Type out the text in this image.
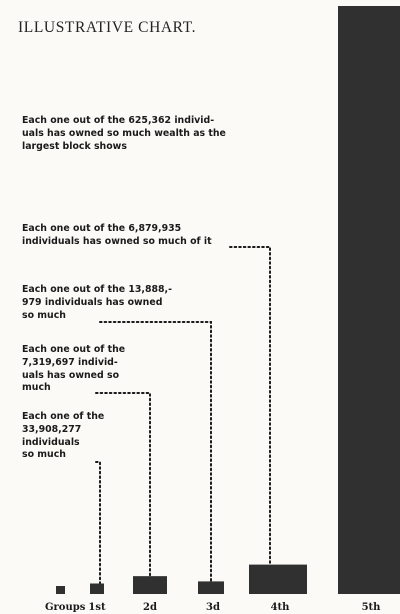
ILLUSTRATIVE CHART.
Each one out of the 625,362 individ-
uals has owned so much wealth as the
largest block shows
Each one out of the 6,879,935
individuals has owned so much of it
Each one out of the 13,888,-
979 individuals has owned
so much
Each one out of the
7,319,697 individ-
uals has owned so
much
Each one of the
33,908,277
individuals
so much
Groups 1st	2d	3d	4th	5th
